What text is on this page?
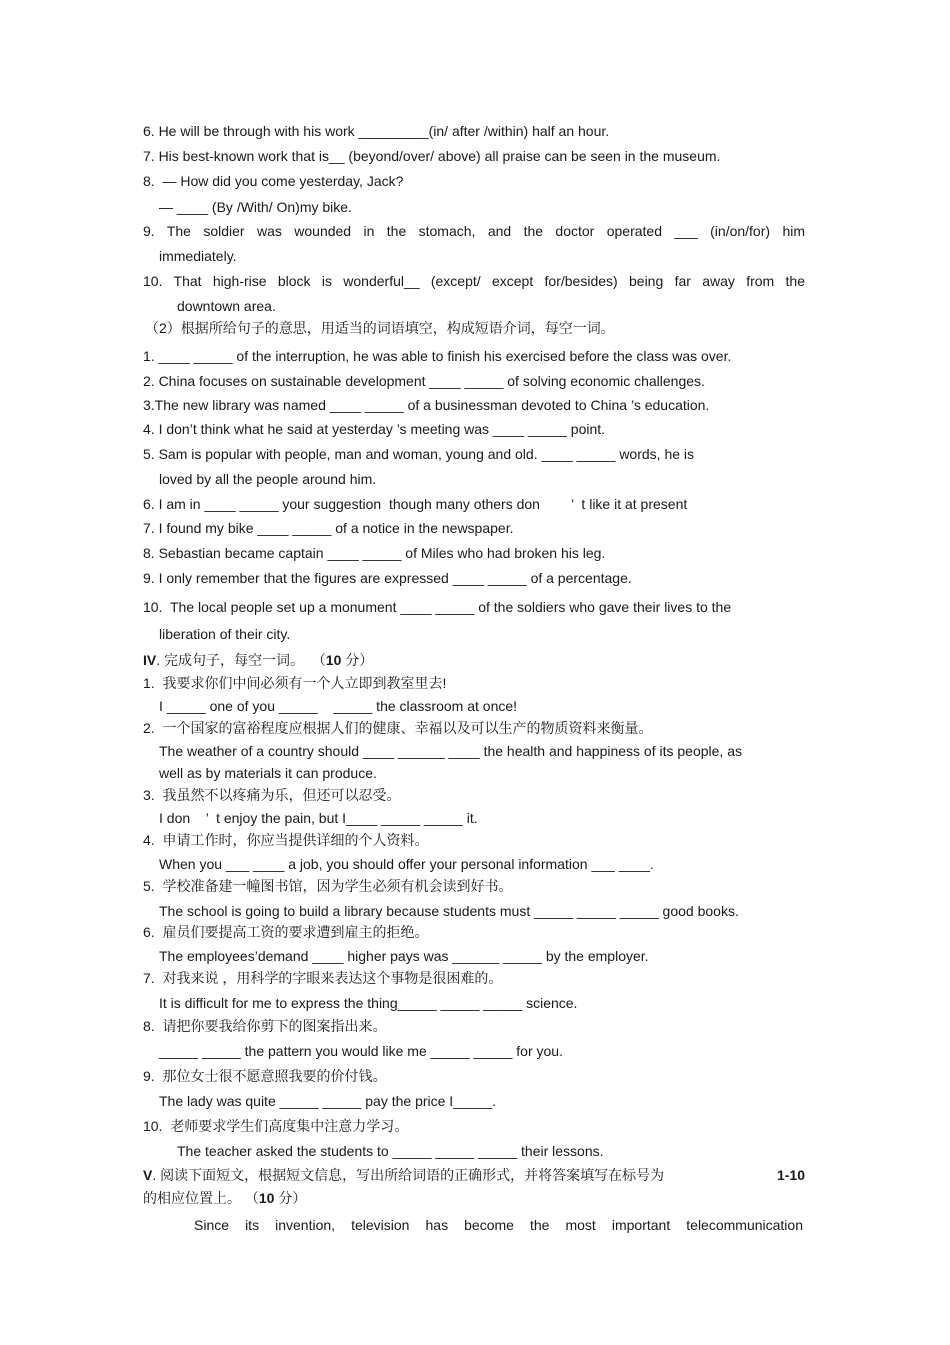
6. He will be through with his work _________(in/ after /within) half an hour.
7. His best-known work that is__ (beyond/over/ above) all praise can be seen in the museum.
8.  — How did you come yesterday, Jack?
— ____ (By /With/ On)my bike.
9. The soldier was wounded in the stomach, and the doctor operated ___ (in/on/for) him
immediately.
10. That high-rise block is wonderful__ (except/ except for/besides) being far away from the
downtown area.
（2）根据所给句子的意思，用适当的词语填空，构成短语介词，每空一词。
1. ____ _____ of the interruption, he was able to finish his exercised before the class was over.
2. China focuses on sustainable development ____ _____ of solving economic challenges.
3.The new library was named ____ _____ of a businessman devoted to China ’s education.
4. I don’t think what he said at yesterday ’s meeting was ____ _____ point.
5. Sam is popular with people, man and woman, young and old. ____ _____ words, he is
loved by all the people around him.
6. I am in ____ _____ your suggestion  though many others don        ’  t like it at present
7. I found my bike ____ _____ of a notice in the newspaper.
8. Sebastian became captain ____ _____ of Miles who had broken his leg.
9. I only remember that the figures are expressed ____ _____ of a percentage.
10.  The local people set up a monument ____ _____ of the soldiers who gave their lives to the
liberation of their city.
IV. 完成句子，每空一词。  （10 分）
1.  我要求你们中间必须有一个人立即到教室里去!
I _____ one of you _____    _____ the classroom at once!
2.  一个国家的富裕程度应根据人们的健康、幸福以及可以生产的物质资料来衡量。
The weather of a country should ____ ______ ____ the health and happiness of its people, as
well as by materials it can produce.
3.  我虽然不以疼痛为乐，但还可以忍受。
I don    ’  t enjoy the pain, but I____ _____ _____ it.
4.  申请工作时，你应当提供详细的个人资料。
When you ___ ____ a job, you should offer your personal information ___ ____.
5.  学校准备建一幢图书馆，因为学生必须有机会读到好书。
The school is going to build a library because students must _____ _____ _____ good books.
6.  雇员们要提高工资的要求遭到雇主的拒绝。
The employees’demand ____ higher pays was ______ _____ by the employer.
7.  对我来说 ，用科学的字眼来表达这个事物是很困难的。
It is difficult for me to express the thing_____ _____ _____ science.
8.  请把你要我给你剪下的图案指出来。
_____ _____ the pattern you would like me _____ _____ for you.
9.  那位女士很不愿意照我要的价付钱。
The lady was quite _____ _____ pay the price I_____.
10.  老师要求学生们高度集中注意力学习。
The teacher asked the students to _____ _____ _____ their lessons.
V. 阅读下面短文，根据短文信息，写出所给词语的正确形式，并将答案填写在标号为	1-10
的相应位置上。 （10 分）
Since its invention, television has become the most important telecommunication
